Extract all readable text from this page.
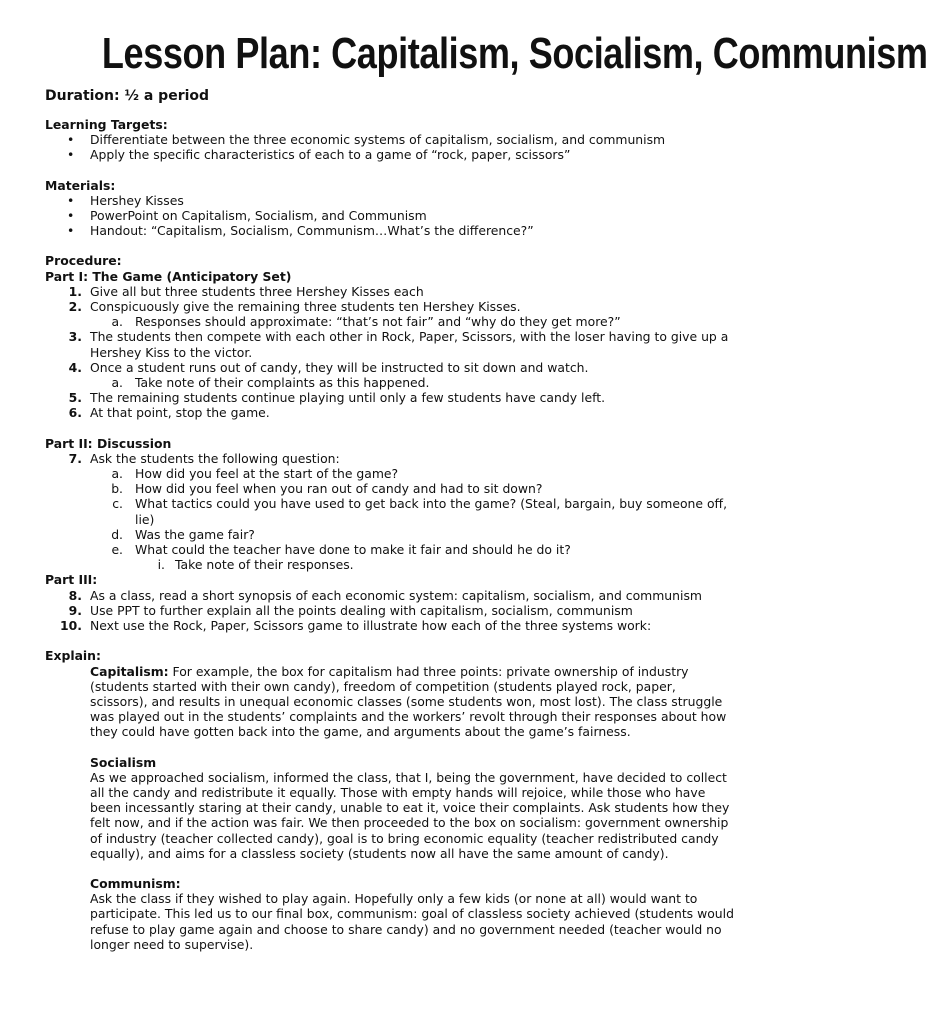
Lesson Plan: Capitalism, Socialism, Communism
Duration: ½ a period
Learning Targets:
• Differentiate between the three economic systems of capitalism, socialism, and communism
• Apply the specific characteristics of each to a game of “rock, paper, scissors”
Materials:
• Hershey Kisses
• PowerPoint on Capitalism, Socialism, and Communism
• Handout: “Capitalism, Socialism, Communism…What’s the difference?”
Procedure:
Part I: The Game (Anticipatory Set)
1. Give all but three students three Hershey Kisses each
2. Conspicuously give the remaining three students ten Hershey Kisses.
a. Responses should approximate: “that’s not fair” and “why do they get more?”
3. The students then compete with each other in Rock, Paper, Scissors, with the loser having to give up a Hershey Kiss to the victor.
4. Once a student runs out of candy, they will be instructed to sit down and watch.
a. Take note of their complaints as this happened.
5. The remaining students continue playing until only a few students have candy left.
6. At that point, stop the game.
Part II: Discussion
7. Ask the students the following question:
a. How did you feel at the start of the game?
b. How did you feel when you ran out of candy and had to sit down?
c. What tactics could you have used to get back into the game? (Steal, bargain, buy someone off, lie)
d. Was the game fair?
e. What could the teacher have done to make it fair and should he do it?
i. Take note of their responses.
Part III:
8. As a class, read a short synopsis of each economic system: capitalism, socialism, and communism
9. Use PPT to further explain all the points dealing with capitalism, socialism, communism
10. Next use the Rock, Paper, Scissors game to illustrate how each of the three systems work:
Explain:
Capitalism: For example, the box for capitalism had three points: private ownership of industry (students started with their own candy), freedom of competition (students played rock, paper, scissors), and results in unequal economic classes (some students won, most lost). The class struggle was played out in the students’ complaints and the workers’ revolt through their responses about how they could have gotten back into the game, and arguments about the game’s fairness.
Socialism
As we approached socialism, informed the class, that I, being the government, have decided to collect all the candy and redistribute it equally. Those with empty hands will rejoice, while those who have been incessantly staring at their candy, unable to eat it, voice their complaints. Ask students how they felt now, and if the action was fair. We then proceeded to the box on socialism: government ownership of industry (teacher collected candy), goal is to bring economic equality (teacher redistributed candy equally), and aims for a classless society (students now all have the same amount of candy).
Communism:
Ask the class if they wished to play again. Hopefully only a few kids (or none at all) would want to participate. This led us to our final box, communism: goal of classless society achieved (students would refuse to play game again and choose to share candy) and no government needed (teacher would no longer need to supervise).
